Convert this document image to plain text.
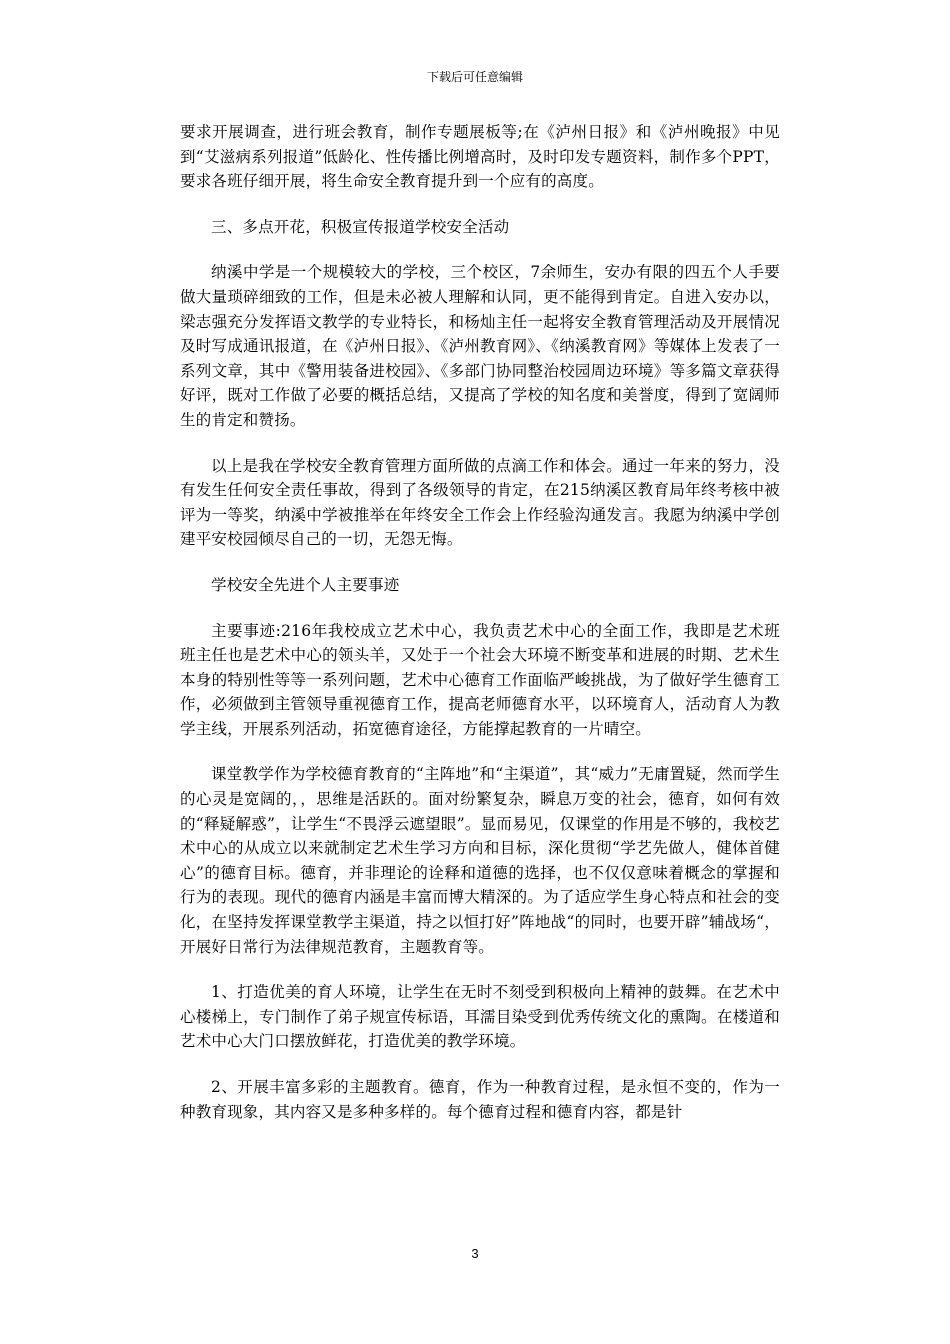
下载后可任意编辑

要求开展调查，进行班会教育，制作专题展板等;在《泸州日报》和《泸州晚报》中见到“艾滋病系列报道”低龄化、性传播比例增高时，及时印发专题资料，制作多个PPT，要求各班仔细开展，将生命安全教育提升到一个应有的高度。

三、多点开花，积极宣传报道学校安全活动

纳溪中学是一个规模较大的学校，三个校区，7余师生，安办有限的四五个人手要做大量琐碎细致的工作，但是未必被人理解和认同，更不能得到肯定。自进入安办以，梁志强充分发挥语文教学的专业特长，和杨灿主任一起将安全教育管理活动及开展情况及时写成通讯报道，在《泸州日报》、《泸州教育网》、《纳溪教育网》等媒体上发表了一系列文章，其中《警用装备进校园》、《多部门协同整治校园周边环境》等多篇文章获得好评，既对工作做了必要的概括总结，又提高了学校的知名度和美誉度，得到了宽阔师生的肯定和赞扬。

以上是我在学校安全教育管理方面所做的点滴工作和体会。通过一年来的努力，没有发生任何安全责任事故，得到了各级领导的肯定，在215纳溪区教育局年终考核中被评为一等奖，纳溪中学被推举在年终安全工作会上作经验沟通发言。我愿为纳溪中学创建平安校园倾尽自己的一切，无怨无悔。

学校安全先进个人主要事迹

主要事迹:216年我校成立艺术中心，我负责艺术中心的全面工作，我即是艺术班班主任也是艺术中心的领头羊，又处于一个社会大环境不断变革和进展的时期、艺术生本身的特别性等等一系列问题，艺术中心德育工作面临严峻挑战，为了做好学生德育工作，必须做到主管领导重视德育工作，提高老师德育水平，以环境育人，活动育人为教学主线，开展系列活动，拓宽德育途径，方能撑起教育的一片晴空。

课堂教学作为学校德育教育的“主阵地”和“主渠道”，其“威力”无庸置疑，然而学生的心灵是宽阔的，，思维是活跃的。面对纷繁复杂，瞬息万变的社会，德育，如何有效的“释疑解惑”，让学生“不畏浮云遮望眼”。显而易见，仅课堂的作用是不够的，我校艺术中心的从成立以来就制定艺术生学习方向和目标，深化贯彻“学艺先做人，健体首健心”的德育目标。德育，并非理论的诠释和道德的选择，也不仅仅意味着概念的掌握和行为的表现。现代的德育内涵是丰富而博大精深的。为了适应学生身心特点和社会的变化，在坚持发挥课堂教学主渠道，持之以恒打好”阵地战“的同时，也要开辟”辅战场“，开展好日常行为法律规范教育，主题教育等。

1、打造优美的育人环境，让学生在无时不刻受到积极向上精神的鼓舞。在艺术中心楼梯上，专门制作了弟子规宣传标语，耳濡目染受到优秀传统文化的熏陶。在楼道和艺术中心大门口摆放鲜花，打造优美的教学环境。

2、开展丰富多彩的主题教育。德育，作为一种教育过程，是永恒不变的，作为一种教育现象，其内容又是多种多样的。每个德育过程和德育内容，都是针

3
